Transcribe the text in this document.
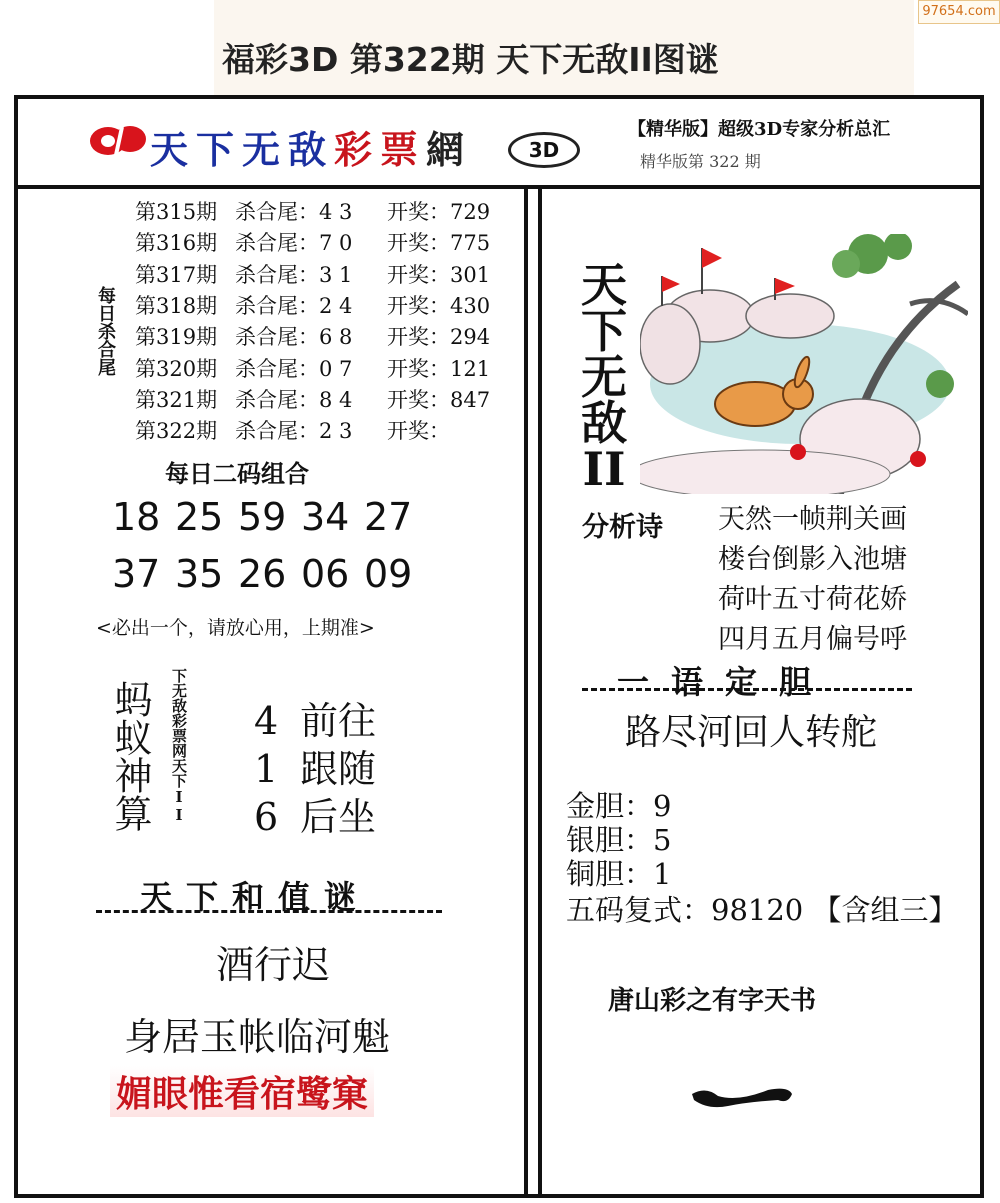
97654.com
福彩3D 第322期 天下无敌II图谜
天下无敌彩票網	3D
【精华版】超级3D专家分析总汇
精华版第 322 期
每日杀合尾
第315期 杀合尾：4 3 开奖：729
第316期 杀合尾：7 0 开奖：775
第317期 杀合尾：3 1 开奖：301
第318期 杀合尾：2 4 开奖：430
第319期 杀合尾：6 8 开奖：294
第320期 杀合尾：0 7 开奖：121
第321期 杀合尾：8 4 开奖：847
第322期 杀合尾：2 3 开奖：
每日二码组合
18 25 59 34 27
37 35 26 06 09
<必出一个，请放心用，上期准>
蚂蚁神算 下无敌彩票网天下II 4 前往
1 跟随
6 后坐
天下和值谜
酒行迟
身居玉帐临河魁
媚眼惟看宿鹭窠
天下无敌II
分析诗 天然一帧荆关画
楼台倒影入池塘
荷叶五寸荷花娇
四月五月偏号呼
一语定胆
路尽河回人转舵
金胆：9
银胆：5
铜胆：1
五码复式：98120 【含组三】
唐山彩之有字天书
